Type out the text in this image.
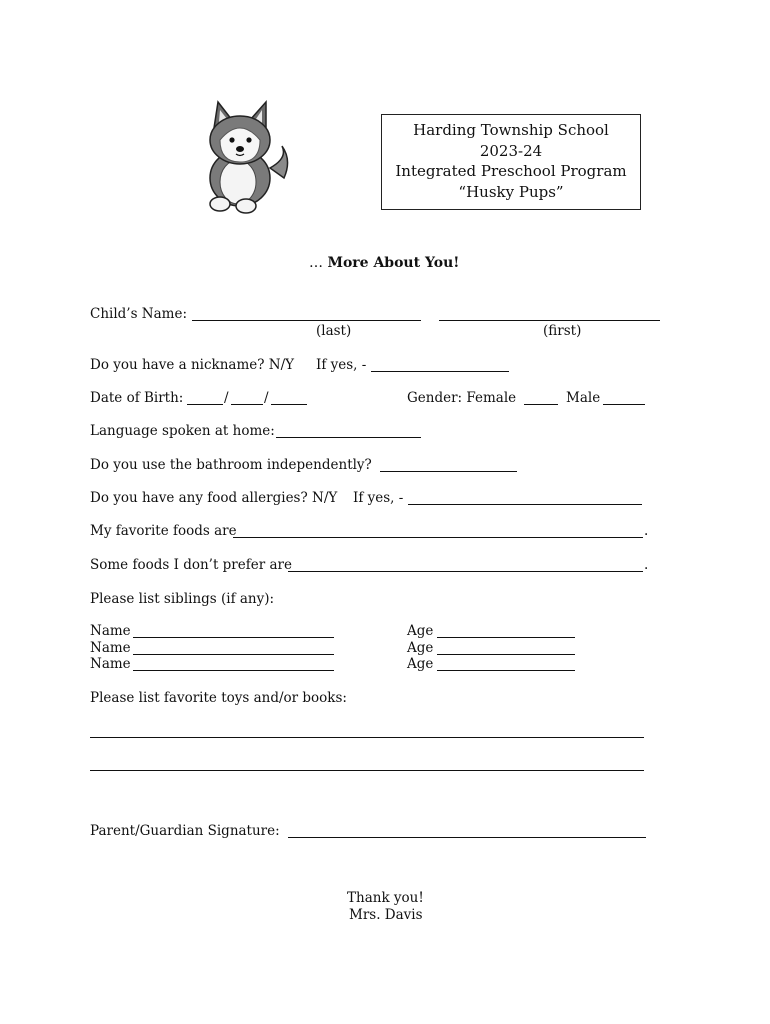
Harding Township School
2023-24
Integrated Preschool Program
“Husky Pups”
… More About You!
Child’s Name:
(last)	(first)
Do you have a nickname? N/Y If yes, -
Date of Birth:	/	/	Gender: Female	Male
Language spoken at home:
Do you use the bathroom independently?
Do you have any food allergies? N/Y If yes, -
My favorite foods are	.
Some foods I don’t prefer are	.
Please list siblings (if any):
Name	Age
Name	Age
Name	Age
Please list favorite toys and/or books:
Parent/Guardian Signature:
Thank you!
Mrs. Davis
